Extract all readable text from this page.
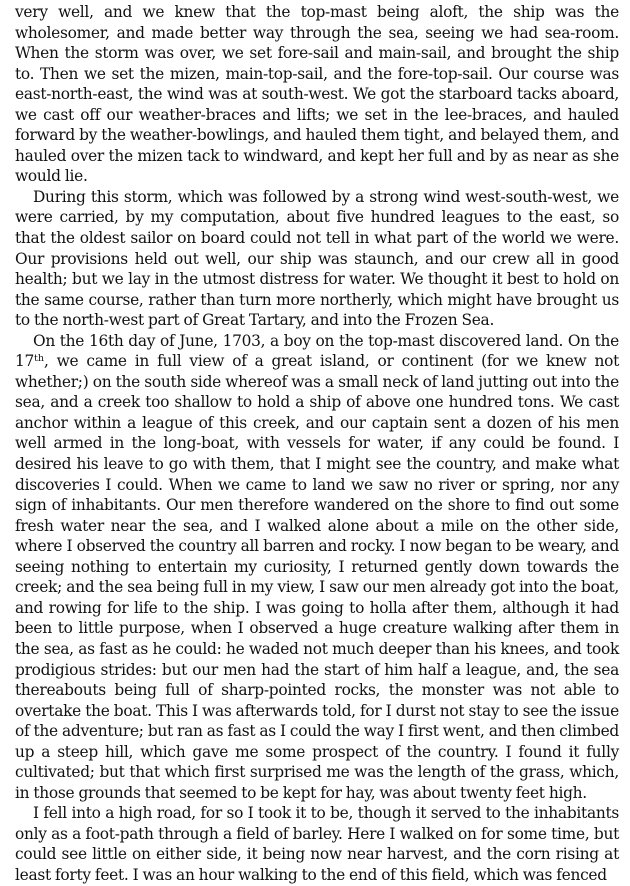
very well, and we knew that the top-mast being aloft, the ship was the wholesomer, and made better way through the sea, seeing we had sea-room. When the storm was over, we set fore-sail and main-sail, and brought the ship to. Then we set the mizen, main-top-sail, and the fore-top-sail. Our course was east-north-east, the wind was at south-west. We got the starboard tacks aboard, we cast off our weather-braces and lifts; we set in the lee-braces, and hauled forward by the weather-bowlings, and hauled them tight, and belayed them, and hauled over the mizen tack to windward, and kept her full and by as near as she would lie.

During this storm, which was followed by a strong wind west-south-west, we were carried, by my computation, about five hundred leagues to the east, so that the oldest sailor on board could not tell in what part of the world we were. Our provisions held out well, our ship was staunch, and our crew all in good health; but we lay in the utmost distress for water. We thought it best to hold on the same course, rather than turn more northerly, which might have brought us to the north-west part of Great Tartary, and into the Frozen Sea.

On the 16th day of June, 1703, a boy on the top-mast discovered land. On the 17th, we came in full view of a great island, or continent (for we knew not whether;) on the south side whereof was a small neck of land jutting out into the sea, and a creek too shallow to hold a ship of above one hundred tons. We cast anchor within a league of this creek, and our captain sent a dozen of his men well armed in the long-boat, with vessels for water, if any could be found. I desired his leave to go with them, that I might see the country, and make what discoveries I could. When we came to land we saw no river or spring, nor any sign of inhabitants. Our men therefore wandered on the shore to find out some fresh water near the sea, and I walked alone about a mile on the other side, where I observed the country all barren and rocky. I now began to be weary, and seeing nothing to entertain my curiosity, I returned gently down towards the creek; and the sea being full in my view, I saw our men already got into the boat, and rowing for life to the ship. I was going to holla after them, although it had been to little purpose, when I observed a huge creature walking after them in the sea, as fast as he could: he waded not much deeper than his knees, and took prodigious strides: but our men had the start of him half a league, and, the sea thereabouts being full of sharp-pointed rocks, the monster was not able to overtake the boat. This I was afterwards told, for I durst not stay to see the issue of the adventure; but ran as fast as I could the way I first went, and then climbed up a steep hill, which gave me some prospect of the country. I found it fully cultivated; but that which first surprised me was the length of the grass, which, in those grounds that seemed to be kept for hay, was about twenty feet high.

I fell into a high road, for so I took it to be, though it served to the inhabitants only as a foot-path through a field of barley. Here I walked on for some time, but could see little on either side, it being now near harvest, and the corn rising at least forty feet. I was an hour walking to the end of this field, which was fenced
